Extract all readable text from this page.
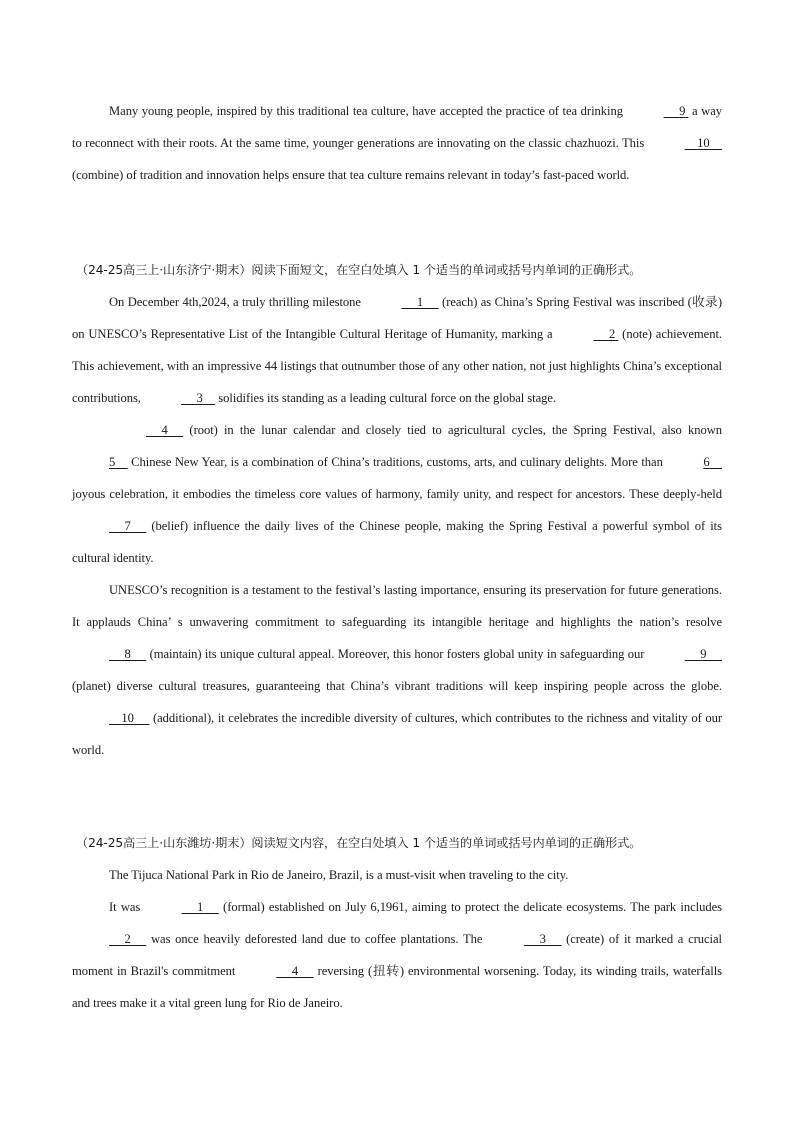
Many young people, inspired by this traditional tea culture, have accepted the practice of tea drinking	9  a way to reconnect with their roots. At the same time, younger generations are innovating on the classic chazhuozi. This	10     (combine) of tradition and innovation helps ensure that tea culture remains relevant in today’s fast-paced world.

（24-25高三上·山东济宁·期末）阅读下面短文，在空白处填入 1 个适当的单词或括号内单词的正确形式。

On December 4th,2024, a truly thrilling milestone	1      (reach) as China’s Spring Festival was inscribed (收录) on UNESCO’s Representative List of the Intangible Cultural Heritage of Humanity, marking a	2  (note) achievement. This achievement, with an impressive 44 listings that outnumber those of any other nation, not just highlights China’s exceptional contributions,	3     solidifies its standing as a leading cultural force on the global stage.

4      (root) in the lunar calendar and closely tied to agricultural cycles, the Spring Festival, also known 5     Chinese New Year, is a combination of China’s traditions, customs, arts, and culinary delights. More than	6     joyous celebration, it embodies the timeless core values of harmony, family unity, and respect for ancestors. These deeply-held      7      (belief) influence the daily lives of the Chinese people, making the Spring Festival a powerful symbol of its cultural identity.

UNESCO’s recognition is a testament to the festival’s lasting importance, ensuring its preservation for future generations. It applauds China’ s unwavering commitment to safeguarding its intangible heritage and highlights the nation’s resolve      8      (maintain) its unique cultural appeal. Moreover, this honor fosters global unity in safeguarding our	9      (planet) diverse cultural treasures, guaranteeing that China’s vibrant traditions will keep inspiring people across the globe.     10      (additional), it celebrates the incredible diversity of cultures, which contributes to the richness and vitality of our world.

（24-25高三上·山东潍坊·期末）阅读短文内容，在空白处填入 1 个适当的单词或括号内单词的正确形式。

The Tijuca National Park in Rio de Janeiro, Brazil, is a must-visit when traveling to the city.

It was	1      (formal) established on July 6,1961, aiming to protect the delicate ecosystems. The park includes      2      was once heavily deforested land due to coffee plantations. The	3      (create) of it marked a crucial moment in Brazil's commitment	4      reversing (扭转) environmental worsening. Today, its winding trails, waterfalls and trees make it a vital green lung for Rio de Janeiro.
